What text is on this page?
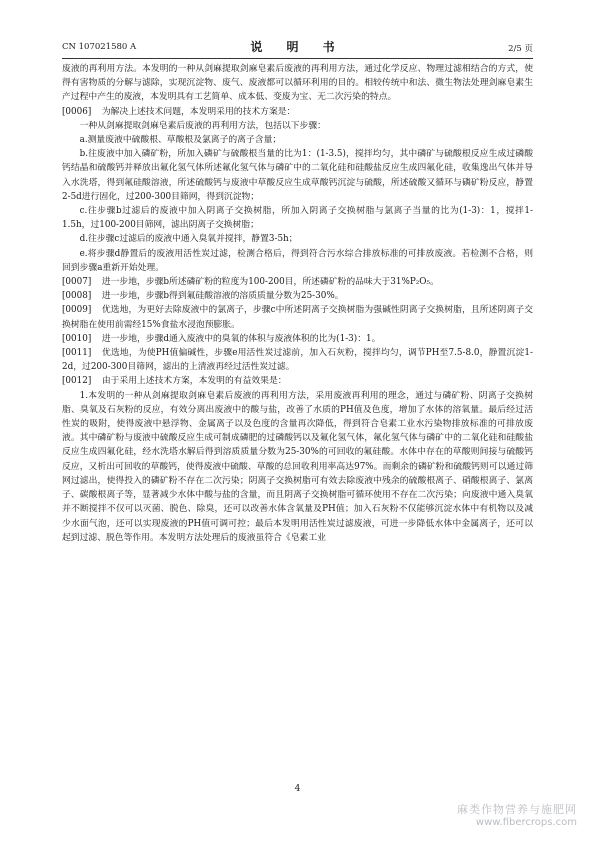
CN 107021580 A	说 明 书	2/5 页

废液的再利用方法。本发明的一种从剑麻提取剑麻皂素后废液的再利用方法，通过化学反应、物理过滤相结合的方式，使得有害物质的分解与滤除，实现沉淀物、废气、废液都可以循环利用的目的。相较传统中和法、微生物法处理剑麻皂素生产过程中产生的废液，本发明具有工艺简单、成本低、变废为宝、无二次污染的特点。

[0006] 为解决上述技术问题，本发明采用的技术方案是：

一种从剑麻提取剑麻皂素后废液的再利用方法，包括以下步骤：

a.测量废液中硫酸根、草酸根及氯离子的离子含量；

b.往废液中加入磷矿粉，所加入磷矿与硫酸根当量的比为1：(1-3.5)，搅拌均匀，其中磷矿与硫酸根反应生成过磷酸钙结晶和硫酸钙并释放出氟化氢气体所述氟化氢气体与磷矿中的二氧化硅和硅酸盐反应生成四氟化硅，收集逸出气体并导入水洗塔，得到氟硅酸溶液，所述硫酸钙与废液中草酸反应生成草酸钙沉淀与硫酸，所述硫酸又循环与磷矿粉反应，静置2-5d进行固化，过200-300目筛网，得到沉淀物；

c.往步骤b过滤后的废液中加入阴离子交换树脂，所加入阴离子交换树脂与氯离子当量的比为(1-3)：1，搅拌1-1.5h，过100-200目筛网，滤出阴离子交换树脂；

d.往步骤c过滤后的废液中通入臭氧并搅拌，静置3-5h；

e.将步骤d静置后的废液用活性炭过滤，检测合格后，得到符合污水综合排放标准的可排放废液。若检测不合格，则回到步骤a重新开始处理。

[0007] 进一步地，步骤b所述磷矿粉的粒度为100-200目，所述磷矿粉的品味大于31%P₂O₅。

[0008] 进一步地，步骤b得到氟硅酸溶液的溶质质量分数为25-30%。

[0009] 优选地，为更好去除废液中的氯离子，步骤c中所述阴离子交换树脂为强碱性阴离子交换树脂，且所述阴离子交换树脂在使用前需经15%食盐水浸泡预膨胀。

[0010] 进一步地，步骤d通入废液中的臭氧的体积与废液体积的比为(1-3)：1。

[0011] 优选地，为使PH值偏碱性，步骤e用活性炭过滤前，加入石灰粉，搅拌均匀，调节PH至7.5-8.0，静置沉淀1-2d，过200-300目筛网，滤出的上清液再经过活性炭过滤。

[0012] 由于采用上述技术方案，本发明的有益效果是：

1.本发明的一种从剑麻提取剑麻皂素后废液的再利用方法，采用废液再利用的理念，通过与磷矿粉、阴离子交换树脂、臭氧及石灰粉的反应，有效分离出废液中的酸与盐，改善了水质的PH值及色度，增加了水体的溶氧量。最后经过活性炭的吸附，使得废液中悬浮物、金属离子以及色度的含量再次降低，得到符合皂素工业水污染物排放标准的可排放废液。其中磷矿粉与废液中硫酸反应生成可制成磷肥的过磷酸钙以及氟化氢气体，氟化氢气体与磷矿中的二氧化硅和硅酸盐反应生成四氟化硅，经水洗塔水解后得到溶质质量分数为25-30%的可回收的氟硅酸。水体中存在的草酸则间接与硫酸钙反应，又析出可回收的草酸钙，使得废液中硫酸、草酸的总回收利用率高达97%。而剩余的磷矿粉和硫酸钙则可以通过筛网过滤出，使得投入的磷矿粉不存在二次污染；阴离子交换树脂可有效去除废液中残余的硫酸根离子、硝酸根离子、氯离子、碳酸根离子等，显著减少水体中酸与盐的含量，而且阴离子交换树脂可循环使用不存在二次污染；向废液中通入臭氧并不断搅拌不仅可以灭菌、脱色、除臭，还可以改善水体含氧量及PH值；加入石灰粉不仅能够沉淀水体中有机物以及减少水面气泡，还可以实现废液的PH值可调可控；最后本发明用活性炭过滤废液，可进一步降低水体中金属离子，还可以起到过滤、脱色等作用。本发明方法处理后的废液虽符合《皂素工业

4
麻类作物营养与施肥网
www.fibercrops.com
